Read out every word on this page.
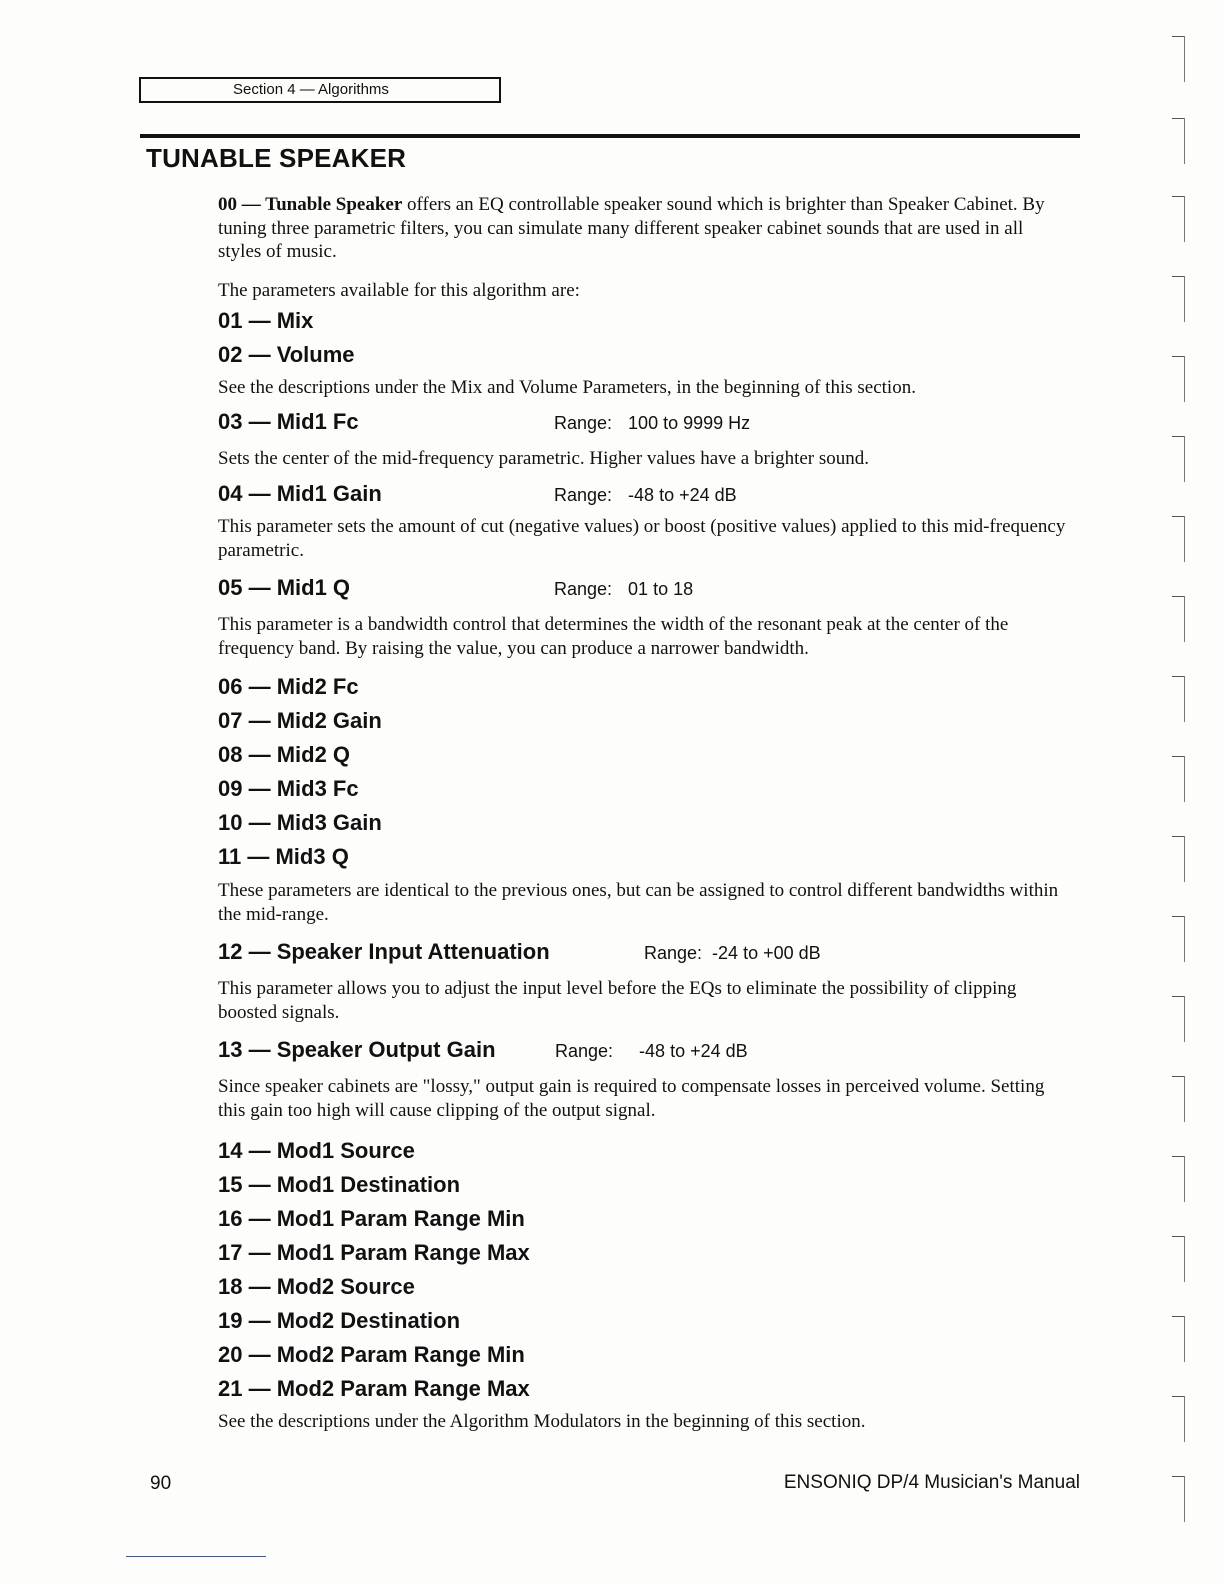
Section 4 — Algorithms
TUNABLE SPEAKER

00 — Tunable Speaker offers an EQ controllable speaker sound which is brighter than Speaker Cabinet. By tuning three parametric filters, you can simulate many different speaker cabinet sounds that are used in all styles of music.

The parameters available for this algorithm are:

01 — Mix

02 — Volume

See the descriptions under the Mix and Volume Parameters, in the beginning of this section.

03 — Mid1 Fc	Range: 100 to 9999 Hz

Sets the center of the mid-frequency parametric. Higher values have a brighter sound.

04 — Mid1 Gain	Range: -48 to +24 dB

This parameter sets the amount of cut (negative values) or boost (positive values) applied to this mid-frequency parametric.

05 — Mid1 Q	Range: 01 to 18

This parameter is a bandwidth control that determines the width of the resonant peak at the center of the frequency band. By raising the value, you can produce a narrower bandwidth.

06 — Mid2 Fc

07 — Mid2 Gain

08 — Mid2 Q

09 — Mid3 Fc

10 — Mid3 Gain

11 — Mid3 Q

These parameters are identical to the previous ones, but can be assigned to control different bandwidths within the mid-range.

12 — Speaker Input Attenuation	Range: -24 to +00 dB

This parameter allows you to adjust the input level before the EQs to eliminate the possibility of clipping boosted signals.

13 — Speaker Output Gain	Range: -48 to +24 dB

Since speaker cabinets are "lossy," output gain is required to compensate losses in perceived volume. Setting this gain too high will cause clipping of the output signal.

14 — Mod1 Source

15 — Mod1 Destination

16 — Mod1 Param Range Min

17 — Mod1 Param Range Max

18 — Mod2 Source

19 — Mod2 Destination

20 — Mod2 Param Range Min

21 — Mod2 Param Range Max

See the descriptions under the Algorithm Modulators in the beginning of this section.

90	ENSONIQ DP/4 Musician's Manual
